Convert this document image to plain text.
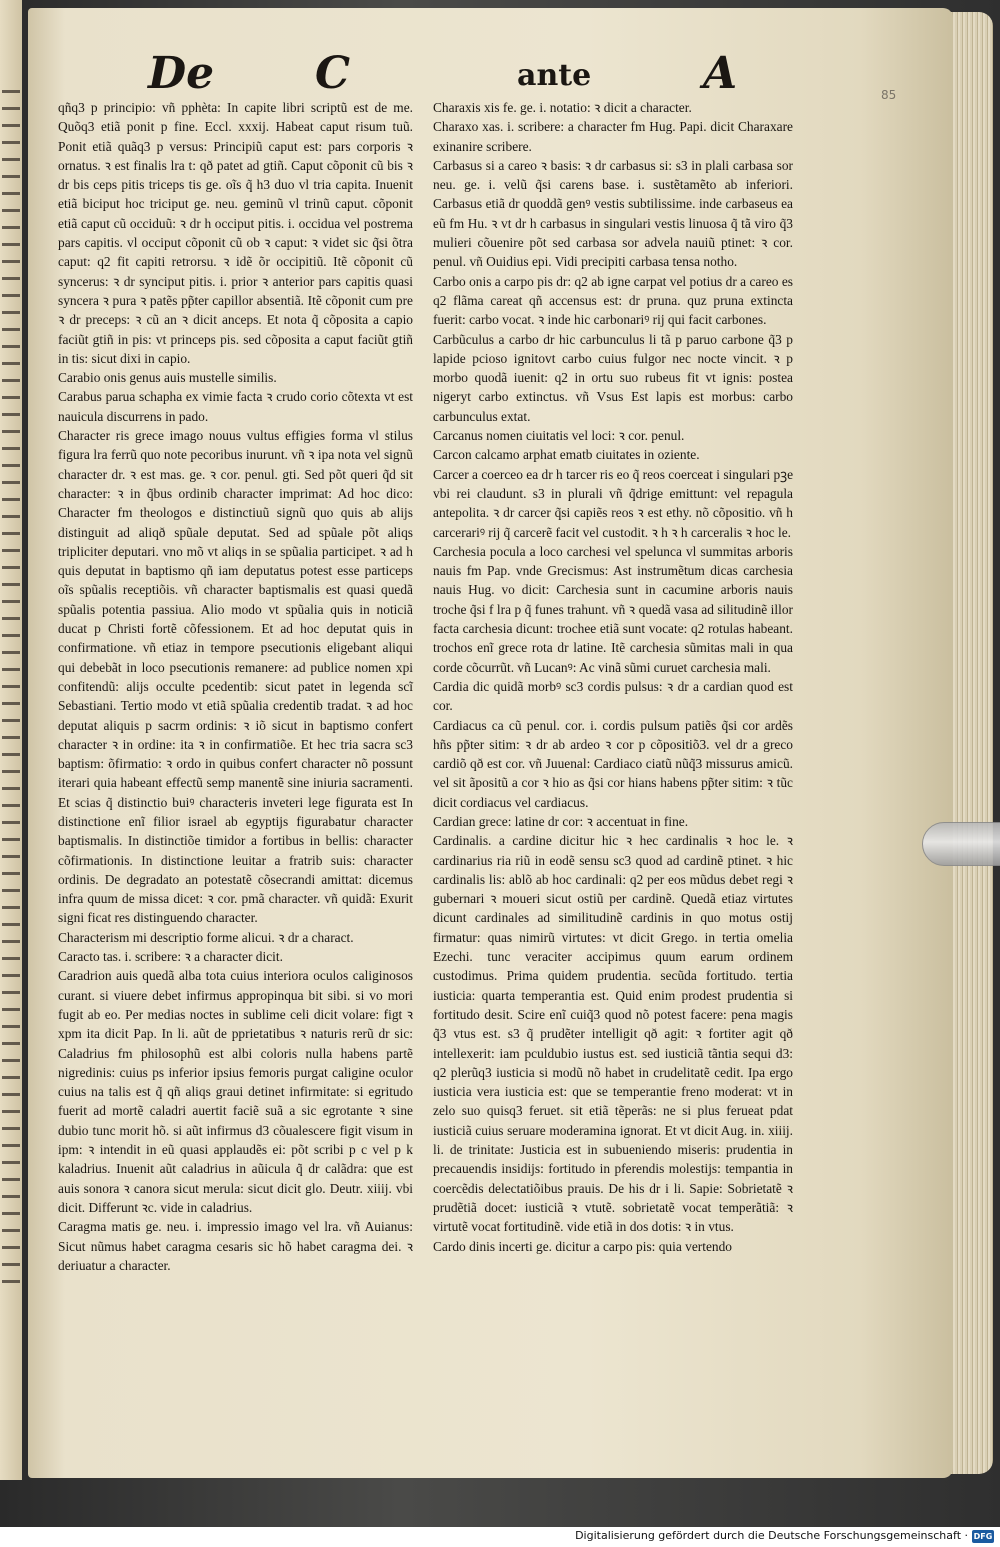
De C	ante	A	85

qñq3 p principio: vñ pphèta: In capite libri scriptũ est de me. Quõq3 etiã ponit p fine. Eccl. xxxij. Habeat caput risum tuũ. Ponit etiã quãq3 p versus: Principiũ caput est: pars corporis ꝛ ornatus. ꝛ est finalis lra t: qð patet ad gtiñ. Caput cõponit cũ bis ꝛ dr bis ceps pitis triceps tis ge. oĩs q̃ h3 duo vl tria capita. Inuenit etiã biciput hoc triciput ge. neu. geminũ vl trinũ caput. cõponit etiã caput cũ occiduũ: ꝛ dr h occiput pitis. i. occidua vel postrema pars capitis. vl occiput cõponit cũ ob ꝛ caput: ꝛ videt sic q̃si õtra caput: q2 fit capiti retrorsu. ꝛ idẽ õr occipitiũ. Itẽ cõponit cũ syncerus: ꝛ dr synciput pitis. i. prior ꝛ anterior pars capitis quasi syncera ꝛ pura ꝛ patẽs pp̃ter capillor absentiã. Itẽ cõponit cum pre ꝛ dr preceps: ꝛ cũ an ꝛ dicit anceps. Et nota q̃ cõposita a capio faciũt gtiñ in pis: vt princeps pis. sed cõposita a caput faciũt gtiñ in tis: sicut dixi in capio.

Carabio onis genus auis mustelle similis.

Carabus parua schapha ex vimie facta ꝛ crudo corio cõtexta vt est nauicula discurrens in pado.

Character ris grece imago nouus vultus effigies forma vl stilus figura lra ferrũ quo note pecoribus inurunt. vñ ꝛ ipa nota vel signũ character dr. ꝛ est mas. ge. ꝛ cor. penul. gti. Sed põt queri q̃d sit character: ꝛ in q̃bus ordinib character imprimat: Ad hoc dico: Character fm theologos e distinctiuũ signũ quo quis ab alijs distinguit ad aliqð spũale deputat. Sed ad spũale põt aliqs tripliciter deputari. vno mõ vt aliqs in se spũalia participet. ꝛ ad h quis deputat in baptismo qñ iam deputatus potest esse particeps oĩs spũalis receptiõis. vñ character baptismalis est quasi quedã spũalis potentia passiua. Alio modo vt spũalia quis in noticiã ducat p Christi fortẽ cõfessionem. Et ad hoc deputat quis in confirmatione. vñ etiaz in tempore psecutionis eligebant aliqui qui debebãt in loco psecutionis remanere: ad publice nomen xpi confitendũ: alijs occulte pcedentib: sicut patet in legenda scĩ Sebastiani. Tertio modo vt etiã spũalia credentib tradat. ꝛ ad hoc deputat aliquis p sacrm ordinis: ꝛ iõ sicut in baptismo confert character ꝛ in ordine: ita ꝛ in confirmatiõe. Et hec tria sacra sc3 baptism: õfirmatio: ꝛ ordo in quibus confert character nõ possunt iterari quia habeant effectũ semp manentẽ sine iniuria sacramenti. Et scias q̃ distinctio buiꝰ characteris inveteri lege figurata est In distinctione enĩ filior israel ab egyptijs figurabatur character baptismalis. In distinctiõe timidor a fortibus in bellis: character cõfirmationis. In distinctione leuitar a fratrib suis: character ordinis. De degradato an potestatẽ cõsecrandi amittat: dicemus infra quum de missa dicet: ꝛ cor. pmã character. vñ quidã: Exurit signi ficat res distinguendo character.

Characterism mi descriptio forme alicui. ꝛ dr a charact.

Caracto tas. i. scribere: ꝛ a character dicit.

Caradrion auis quedã alba tota cuius interiora oculos caliginosos curant. si viuere debet infirmus appropinqua bit sibi. si vo mori fugit ab eo. Per medias noctes in sublime celi dicit volare: figt ꝛ xpm ita dicit Pap. In li. aũt de pprietatibus ꝛ naturis rerũ dr sic: Caladrius fm philosophũ est albi coloris nulla habens partẽ nigredinis: cuius ps inferior ipsius femoris purgat caligine oculor cuius na talis est q̃ qñ aliqs graui detinet infirmitate: si egritudo fuerit ad mortẽ caladri auertit faciẽ suã a sic egrotante ꝛ sine dubio tunc morit hõ. si aũt infirmus d3 cõualescere figit visum in ipm: ꝛ intendit in eũ quasi applaudẽs ei: põt scribi p c vel p k kaladrius. Inuenit aũt caladrius in aũicula q̃ dr calãdra: que est auis sonora ꝛ canora sicut merula: sicut dicit glo. Deutr. xiiij. vbi dicit. Differunt ꝛc. vide in caladrius.

Caragma matis ge. neu. i. impressio imago vel lra. vñ Auianus: Sicut nũmus habet caragma cesaris sic hõ habet caragma dei. ꝛ deriuatur a character.

Charaxis xis fe. ge. i. notatio: ꝛ dicit a character.

Charaxo xas. i. scribere: a character fm Hug. Papi. dicit Charaxare exinanire scribere.

Carbasus si a careo ꝛ basis: ꝛ dr carbasus si: s3 in plali carbasa sor neu. ge. i. velũ q̃si carens base. i. sustẽtamẽto ab inferiori. Carbasus etiã dr quoddã genꝰ vestis subtilissime. inde carbaseus ea eũ fm Hu. ꝛ vt dr h carbasus in singulari vestis linuosa q̃ tã viro q̃3 mulieri cõuenire põt sed carbasa sor advela nauiũ ptinet: ꝛ cor. penul. vñ Ouidius epi. Vidi precipiti carbasa tensa notho.

Carbo onis a carpo pis dr: q2 ab igne carpat vel potius dr a careo es q2 flãma careat qñ accensus est: dr pruna. quz pruna extincta fuerit: carbo vocat. ꝛ inde hic carbonariꝰ rij qui facit carbones.

Carbũculus a carbo dr hic carbunculus li tã p paruo carbone q̃3 p lapide pcioso ignitovt carbo cuius fulgor nec nocte vincit. ꝛ p morbo quodã iuenit: q2 in ortu suo rubeus fit vt ignis: postea nigeryt carbo extinctus. vñ Vsus Est lapis est morbus: carbo carbunculus extat.

Carcanus nomen ciuitatis vel loci: ꝛ cor. penul.

Carcon calcamo arphat ematb ciuitates in oziente.

Carcer a coerceo ea dr h tarcer ris eo q̃ reos coerceat i singulari pꝫe vbi rei claudunt. s3 in plurali vñ q̃drige emittunt: vel repagula antepolita. ꝛ dr carcer q̃si capiẽs reos ꝛ est ethy. nõ cõpositio. vñ h carcerariꝰ rij q̃ carcerẽ facit vel custodit. ꝛ h ꝛ h carceralis ꝛ hoc le.

Carchesia pocula a loco carchesi vel spelunca vl summitas arboris nauis fm Pap. vnde Grecismus: Ast instrumẽtum dicas carchesia nauis Hug. vo dicit: Carchesia sunt in cacumine arboris nauis troche q̃si f lra p q̃ funes trahunt. vñ ꝛ quedã vasa ad silitudinẽ illor facta carchesia dicunt: trochee etiã sunt vocate: q2 rotulas habeant. trochos enĩ grece rota dr latine. Itẽ carchesia sũmitas mali in qua corde cõcurrũt. vñ Lucanꝰ: Ac vinã sũmi curuet carchesia mali.

Cardia dic quidã morbꝰ sc3 cordis pulsus: ꝛ dr a cardian quod est cor.

Cardiacus ca cũ penul. cor. i. cordis pulsum patiẽs q̃si cor ardẽs hñs pp̃ter sitim: ꝛ dr ab ardeo ꝛ cor p cõpositiõ3. vel dr a greco cardiõ qð est cor. vñ Juuenal: Cardiaco ciatũ nũq̃3 missurus amicũ. vel sit ãpositũ a cor ꝛ hio as q̃si cor hians habens pp̃ter sitim: ꝛ tũc dicit cordiacus vel cardiacus.

Cardian grece: latine dr cor: ꝛ accentuat in fine.

Cardinalis. a cardine dicitur hic ꝛ hec cardinalis ꝛ hoc le. ꝛ cardinarius ria riũ in eodẽ sensu sc3 quod ad cardinẽ ptinet. ꝛ hic cardinalis lis: ablõ ab hoc cardinali: q2 per eos mũdus debet regi ꝛ gubernari ꝛ moueri sicut ostiũ per cardinẽ. Quedã etiaz virtutes dicunt cardinales ad similitudinẽ cardinis in quo motus ostij firmatur: quas nimirũ virtutes: vt dicit Grego. in tertia omelia Ezechi. tunc veraciter accipimus quum earum ordinem custodimus. Prima quidem prudentia. secũda fortitudo. tertia iusticia: quarta temperantia est. Quid enim prodest prudentia si fortitudo desit. Scire enĩ cuiq̃3 quod nõ potest facere: pena magis q̃3 vtus est. s3 q̃ prudẽter intelligit qð agit: ꝛ fortiter agit qð intellexerit: iam pculdubio iustus est. sed iusticiã tãntia sequi d3: q2 plerũq3 iusticia si modũ nõ habet in crudelitatẽ cedit. Ipa ergo iusticia vera iusticia est: que se temperantie freno moderat: vt in zelo suo quisq3 feruet. sit etiã tẽperãs: ne si plus ferueat pdat iusticiã cuius seruare moderamina ignorat. Et vt dicit Aug. in. xiiij. li. de trinitate: Justicia est in subueniendo miseris: prudentia in precauendis insidijs: fortitudo in pferendis molestijs: tempantia in coercẽdis delectatiõibus prauis. De his dr i li. Sapie: Sobrietatẽ ꝛ prudẽtiã docet: iusticiã ꝛ vtutẽ. sobrietatẽ vocat temperãtiã: ꝛ virtutẽ vocat fortitudinẽ. vide etiã in dos dotis: ꝛ in vtus.

Cardo dinis incerti ge. dicitur a carpo pis: quia vertendo

Digitalisierung gefördert durch die Deutsche Forschungsgemeinschaft · DFG
